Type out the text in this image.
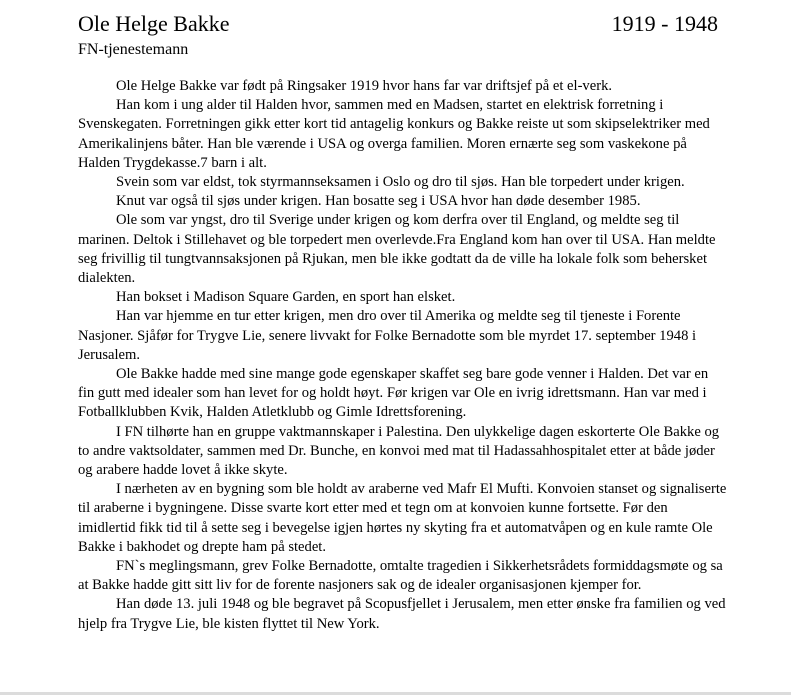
Ole Helge Bakke	1919 - 1948
FN-tjenestemann

Ole Helge Bakke var født på Ringsaker 1919 hvor hans far var driftsjef på et el-verk.

Han kom i ung alder til Halden hvor, sammen med en Madsen, startet en elektrisk forretning i Svenskegaten. Forretningen gikk etter kort tid antagelig konkurs og Bakke reiste ut som skipselektriker med Amerikalinjens båter. Han ble værende i USA og overga familien. Moren ernærte seg som vaskekone på Halden Trygdekasse.7 barn i alt.

Svein som var eldst, tok styrmannseksamen i Oslo og dro til sjøs. Han ble torpedert under krigen.

Knut var også til sjøs under krigen. Han bosatte seg i USA hvor han døde desember 1985.

Ole som var yngst, dro til Sverige under krigen og kom derfra over til England, og meldte seg til marinen. Deltok i Stillehavet og ble torpedert men overlevde.Fra England kom han over til USA. Han meldte seg frivillig til tungtvannsaksjonen på Rjukan, men ble ikke godtatt da de ville ha lokale folk som behersket dialekten.

Han bokset i Madison Square Garden, en sport han elsket.

Han var hjemme en tur etter krigen, men dro over til Amerika og meldte seg til tjeneste i Forente Nasjoner. Sjåfør for Trygve Lie, senere livvakt for Folke Bernadotte som ble myrdet 17. september 1948 i Jerusalem.

Ole Bakke hadde med sine mange gode egenskaper skaffet seg bare gode venner i Halden. Det var en fin gutt med idealer som han levet for og holdt høyt. Før krigen var Ole en ivrig idrettsmann. Han var med i Fotballklubben Kvik, Halden Atletklubb og Gimle Idrettsforening.

I FN tilhørte han en gruppe vaktmannskaper i Palestina. Den ulykkelige dagen eskorterte Ole Bakke og to andre vaktsoldater, sammen med Dr. Bunche, en konvoi med mat til Hadassahhospitalet etter at både jøder og arabere hadde lovet å ikke skyte.

I nærheten av en bygning som ble holdt av araberne ved Mafr El Mufti. Konvoien stanset og signaliserte til araberne i bygningene. Disse svarte kort etter med et tegn om at konvoien kunne fortsette. Før den imidlertid fikk tid til å sette seg i bevegelse igjen hørtes ny skyting fra et automatvåpen og en kule ramte Ole Bakke i bakhodet og drepte ham på stedet.

FN`s meglingsmann, grev Folke Bernadotte, omtalte tragedien i Sikkerhetsrådets formiddagsmøte og sa at Bakke hadde gitt sitt liv for de forente nasjoners sak og de idealer organisasjonen kjemper for.

Han døde 13. juli 1948 og ble begravet på Scopusfjellet i Jerusalem, men etter ønske fra familien og ved hjelp fra Trygve Lie, ble kisten flyttet til New York.
